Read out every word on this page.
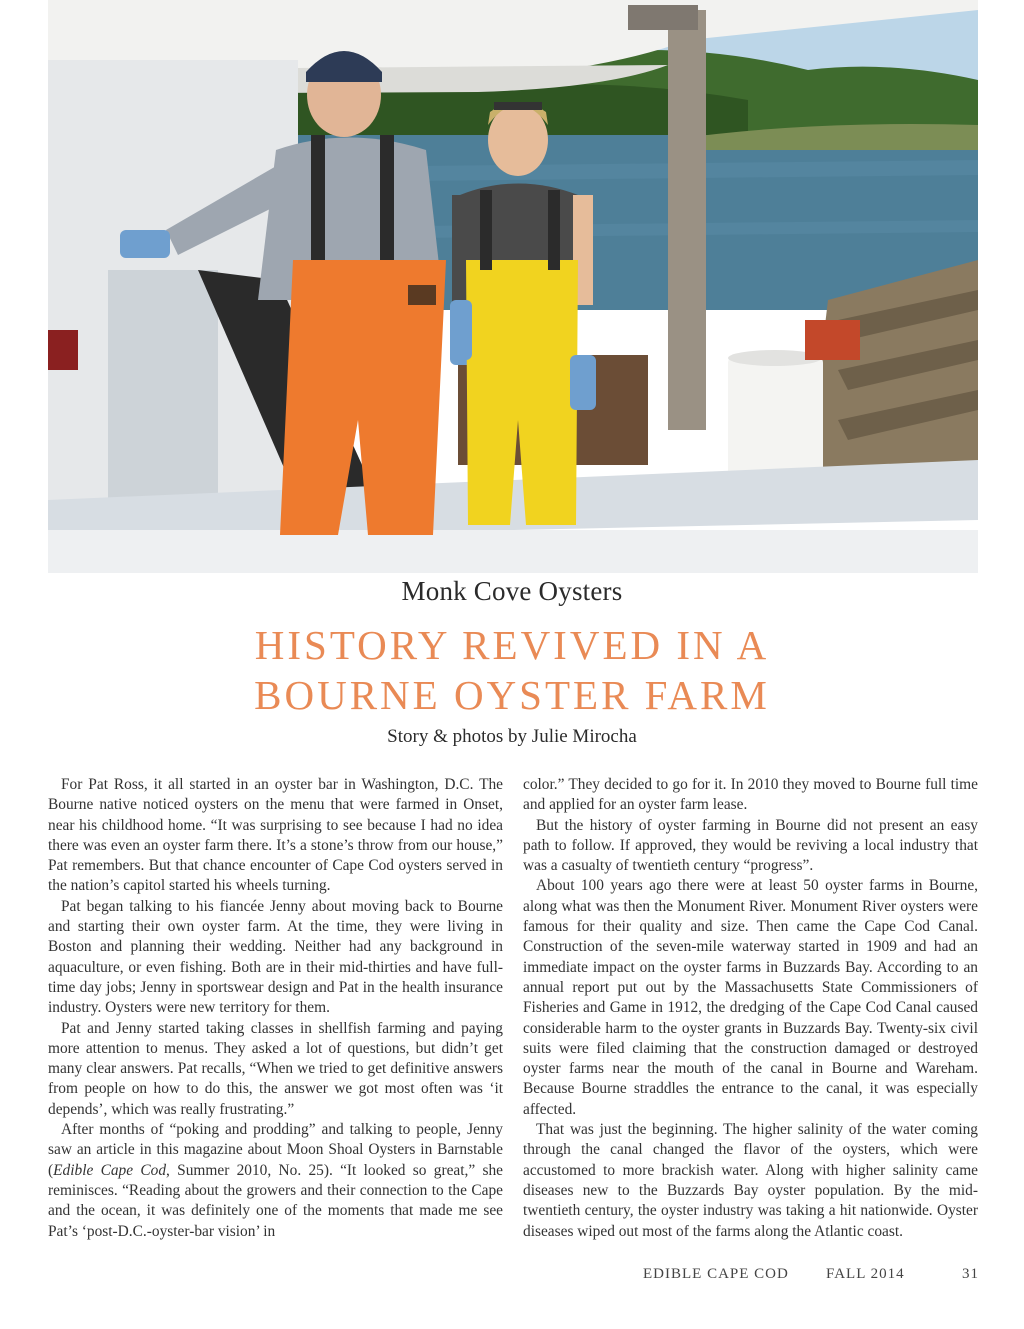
Monk Cove Oysters
HISTORY REVIVED IN A
BOURNE OYSTER FARM
Story & photos by Julie Mirocha

For Pat Ross, it all started in an oyster bar in Washington, D.C. The Bourne native noticed oysters on the menu that were farmed in Onset, near his childhood home. “It was surprising to see because I had no idea there was even an oyster farm there. It’s a stone’s throw from our house,” Pat remembers. But that chance encounter of Cape Cod oysters served in the nation’s capitol started his wheels turning.

Pat began talking to his fiancée Jenny about moving back to Bourne and starting their own oyster farm. At the time, they were living in Boston and planning their wedding. Neither had any background in aquaculture, or even fishing. Both are in their mid-thirties and have full-time day jobs; Jenny in sportswear design and Pat in the health insurance industry. Oysters were new territory for them.

Pat and Jenny started taking classes in shellfish farming and paying more attention to menus. They asked a lot of questions, but didn’t get many clear answers. Pat recalls, “When we tried to get definitive answers from people on how to do this, the answer we got most often was ‘it depends’, which was really frustrating.”

After months of “poking and prodding” and talking to people, Jenny saw an article in this magazine about Moon Shoal Oysters in Barnstable (Edible Cape Cod, Summer 2010, No. 25). “It looked so great,” she reminisces. “Reading about the growers and their connection to the Cape and the ocean, it was definitely one of the moments that made me see Pat’s ‘post-D.C.-oyster-bar vision’ in

color.” They decided to go for it. In 2010 they moved to Bourne full time and applied for an oyster farm lease.

But the history of oyster farming in Bourne did not present an easy path to follow. If approved, they would be reviving a local industry that was a casualty of twentieth century “progress”.

About 100 years ago there were at least 50 oyster farms in Bourne, along what was then the Monument River. Monument River oysters were famous for their quality and size. Then came the Cape Cod Canal. Construction of the seven-mile waterway started in 1909 and had an immediate impact on the oyster farms in Buzzards Bay. According to an annual report put out by the Massachusetts State Commissioners of Fisheries and Game in 1912, the dredging of the Cape Cod Canal caused considerable harm to the oyster grants in Buzzards Bay. Twenty-six civil suits were filed claiming that the construction damaged or destroyed oyster farms near the mouth of the canal in Bourne and Wareham. Because Bourne straddles the entrance to the canal, it was especially affected.

That was just the beginning. The higher salinity of the water coming through the canal changed the flavor of the oysters, which were accustomed to more brackish water. Along with higher salinity came diseases new to the Buzzards Bay oyster population. By the mid-twentieth century, the oyster industry was taking a hit nationwide. Oyster diseases wiped out most of the farms along the Atlantic coast.

EDIBLE CAPE COD FALL 2014	31
